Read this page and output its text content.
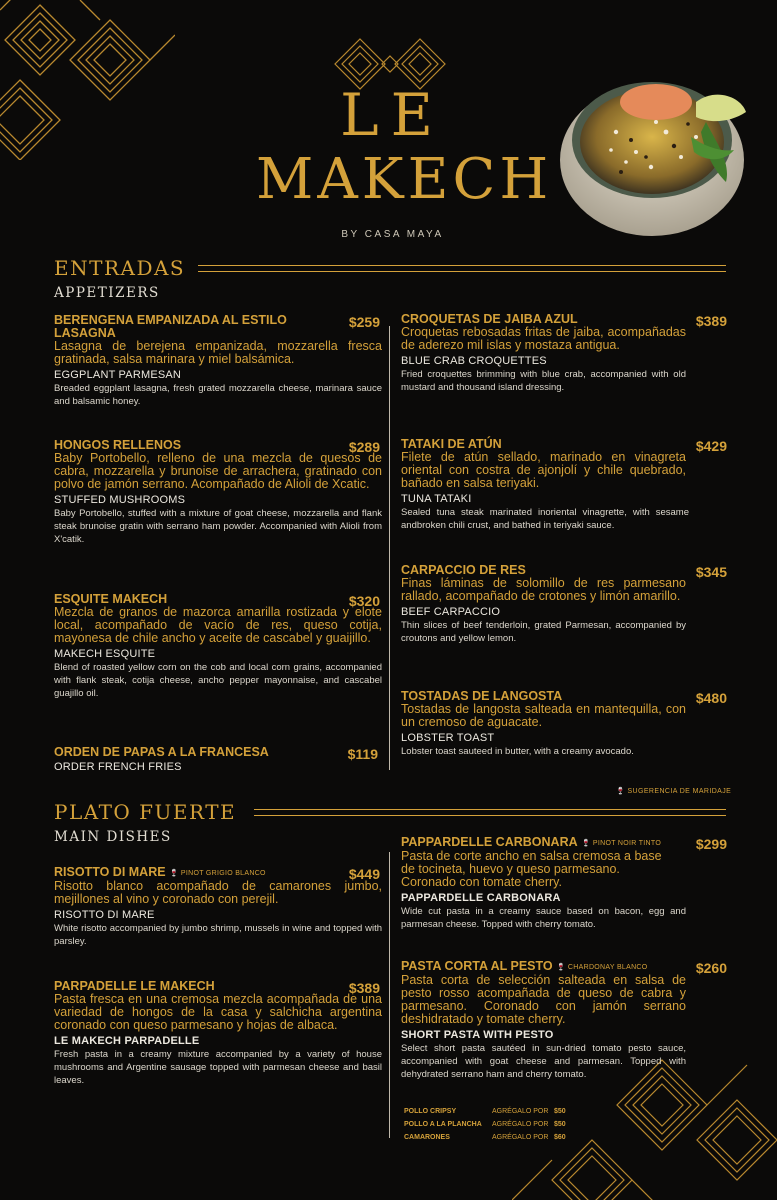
LE
MAKECH
BY CASA MAYA
ENTRADAS
APPETIZERS
BERENGENA EMPANIZADA AL ESTILO LASAGNA
$259
Lasagna de berejena empanizada, mozzarella fresca gratinada, salsa marinara y miel balsámica.
EGGPLANT PARMESAN
Breaded eggplant lasagna, fresh grated mozzarella cheese, marinara sauce and balsamic honey.
HONGOS RELLENOS	$289
Baby Portobello, relleno de una mezcla de quesos de cabra, mozzarella y brunoise de arrachera, gratinado con polvo de jamón serrano. Acompañado de Alioli de Xcatic.
STUFFED MUSHROOMS
Baby Portobello, stuffed with a mixture of goat cheese, mozzarella and flank steak brunoise gratin with serrano ham powder. Accompanied with Alioli from X'catik.
ESQUITE MAKECH	$320
Mezcla de granos de mazorca amarilla rostizada y elote local, acompañado de vacío de res, queso cotija, mayonesa de chile ancho y aceite de cascabel y guaijillo.
MAKECH ESQUITE
Blend of roasted yellow corn on the cob and local corn grains, accompanied with flank steak, cotija cheese, ancho pepper mayonnaise, and cascabel guajillo oil.
ORDEN DE PAPAS A LA FRANCESA	$119
ORDER FRENCH FRIES
CROQUETAS DE JAIBA AZUL	$389
Croquetas rebosadas fritas de jaiba, acompañadas de aderezo mil islas y mostaza antigua.
BLUE CRAB CROQUETTES
Fried croquettes brimming with blue crab, accompanied with old mustard and thousand island dressing.
TATAKI DE ATÚN	$429
Filete de atún sellado, marinado en vinagreta oriental con costra de ajonjolí y chile quebrado, bañado en salsa teriyaki.
TUNA TATAKI
Sealed tuna steak marinated inoriental vinagrette, with sesame andbroken chili crust, and bathed in teriyaki sauce.
CARPACCIO DE RES	$345
Finas láminas de solomillo de res parmesano rallado, acompañado de crotones y limón amarillo.
BEEF CARPACCIO
Thin slices of beef tenderloin, grated Parmesan, accompanied by croutons and yellow lemon.
TOSTADAS DE LANGOSTA	$480
Tostadas de langosta salteada en mantequilla, con un cremoso de aguacate.
LOBSTER TOAST
Lobster toast sauteed in butter, with a creamy avocado.
🍷 SUGERENCIA DE MARIDAJE
PLATO FUERTE
MAIN DISHES
RISOTTO DI MARE 🍷 PINOT GRIGIO BLANCO	$449
Risotto blanco acompañado de camarones jumbo, mejillones al vino y coronado con perejil.
RISOTTO DI MARE
White risotto accompanied by jumbo shrimp, mussels in wine and topped with parsley.
PARPADELLE LE MAKECH	$389
Pasta fresca en una cremosa mezcla acompañada de una variedad de hongos de la casa y salchicha argentina coronado con queso parmesano y hojas de albaca.
LE MAKECH PARPADELLE
Fresh pasta in a creamy mixture accompanied by a variety of house mushrooms and Argentine sausage topped with parmesan cheese and basil leaves.
PAPPARDELLE CARBONARA 🍷 PINOT NOIR TINTO	$299
Pasta de corte ancho en salsa cremosa a base de tocineta, huevo y queso parmesano. Coronado con tomate cherry.
PAPPARDELLE CARBONARA
Wide cut pasta in a creamy sauce based on bacon, egg and parmesan cheese. Topped with cherry tomato.
PASTA CORTA AL PESTO 🍷 CHARDONAY BLANCO	$260
Pasta corta de selección salteada en salsa de pesto rosso acompañada de queso de cabra y parmesano. Coronado con jamón serrano deshidratado y tomate cherry.
SHORT PASTA WITH PESTO
Select short pasta sautéed in sun-dried tomato pesto sauce, accompanied with goat cheese and parmesan. Topped with dehydrated serrano ham and cherry tomato.
POLLO CRIPSY	AGRÉGALO POR $50
POLLO A LA PLANCHA	AGRÉGALO POR $50
CAMARONES	AGRÉGALO POR $60
